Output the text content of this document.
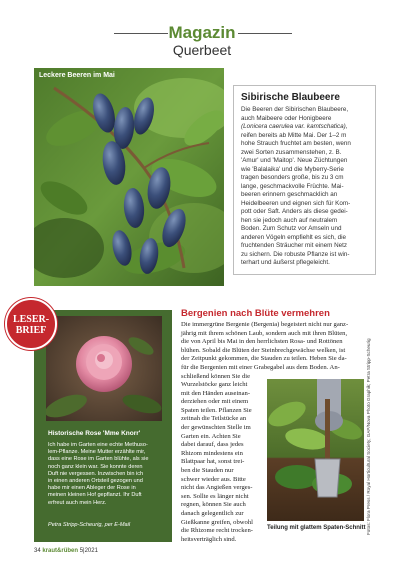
Magazin
Querbeet
Leckere Beeren im Mai

Sibirische Blaubeere

Die Beeren der Sibirischen Blaubeere,
auch Maibeere oder Honigbeere
(Lonicera caerulea var. kamtschatica),
reifen bereits ab Mitte Mai. Der 1–2 m
hohe Strauch fruchtet am besten, wenn
zwei Sorten zusammenstehen, z. B.
'Amur' und 'Maitop'. Neue Züchtungen
wie 'Balalaika' und die Myberry-Serie
tragen besonders große, bis zu 3 cm
lange, geschmackvolle Früchte. Mai-
beeren erinnern geschmacklich an
Heidelbeeren und eignen sich für Kom-
pott oder Saft. Anders als diese gedei-
hen sie jedoch auch auf neutralem
Boden. Zum Schutz vor Amseln und
anderen Vögeln empfiehlt es sich, die
fruchtenden Sträucher mit einem Netz
zu sichern. Die robuste Pflanze ist win-
terhart und äußerst pflegeleicht.

LESER-
BRIEF
Historische Rose 'Mme Knorr'
Ich habe im Garten eine echte Methuso-
lem-Pflanze. Meine Mutter erzählte mir,
dass eine Rose im Garten blühte, als sie
noch ganz klein war. Sie konnte deren
Duft nie vergessen. Inzwischen bin ich
in einen anderen Ortsteil gezogen und
habe mir einen Ableger der Rose in
meinen kleinen Hof gepflanzt. Ihr Duft
erfreut auch mein Herz.
Petra Stripp-Scheurig, per E-Mail
Bergenien nach Blüte vermehren
Die immergrüne Bergenie (Bergenia) begeistert nicht nur ganz-
jährig mit ihrem schönen Laub, sondern auch mit ihren Blüten,
die von April bis Mai in den herrlichsten Rosa- und Rottönen
blühen. Sobald die Blüten der Steinbrechgewächse welken, ist
der Zeitpunkt gekommen, die Stauden zu teilen. Heben Sie da-
für die Bergenien mit einer Grabegabel aus dem Boden. An-
schließend können Sie die
Wurzelstöcke ganz leicht
mit den Händen auseinan-
derziehen oder mit einem
Spaten teilen. Pflanzen Sie
zeitnah die Teilstücke an
der gewünschten Stelle im
Garten ein. Achten Sie
dabei darauf, dass jedes
Rhizom mindestens ein
Blattpaar hat, sonst trei-
ben die Stauden nur
schwer wieder aus. Bitte
nicht das Angießen verges-
sen. Sollte es länger nicht
regnen, können Sie auch
danach gelegentlich zur
Gießkanne greifen, obwohl
die Rhizome recht trocken-
heitsverträglich sind.
Teilung mit glattem Spaten-Schnitt Fotos: Flora Press / Royal Horticultural Society; GAP/Nova Photo Graphik; Petra Stripp-Scheurig
34 kraut&rüben 5|2021
